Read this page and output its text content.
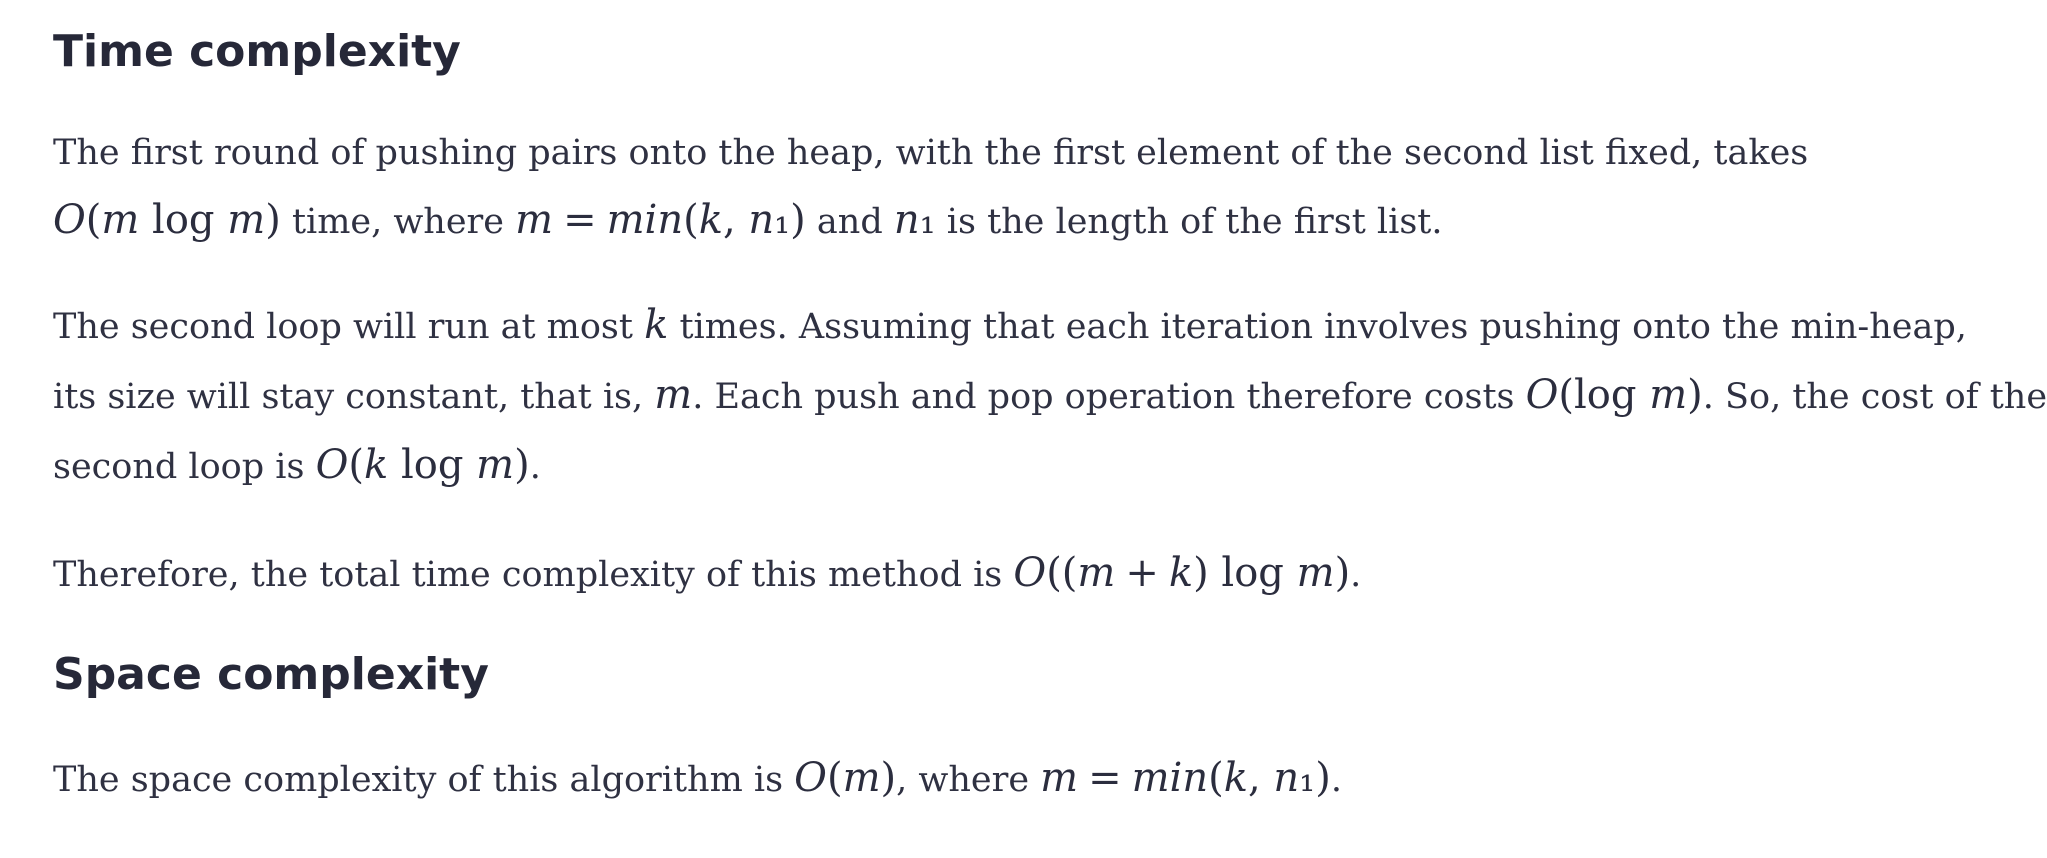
Time complexity

The first round of pushing pairs onto the heap, with the first element of the second list fixed, takes
O(m log m) time, where m = min(k, n₁) and n₁ is the length of the first list.

The second loop will run at most k times. Assuming that each iteration involves pushing onto the min-heap,
its size will stay constant, that is, m. Each push and pop operation therefore costs O(log m). So, the cost of the
second loop is O(k log m).

Therefore, the total time complexity of this method is O((m + k) log m).

Space complexity

The space complexity of this algorithm is O(m), where m = min(k, n₁).
